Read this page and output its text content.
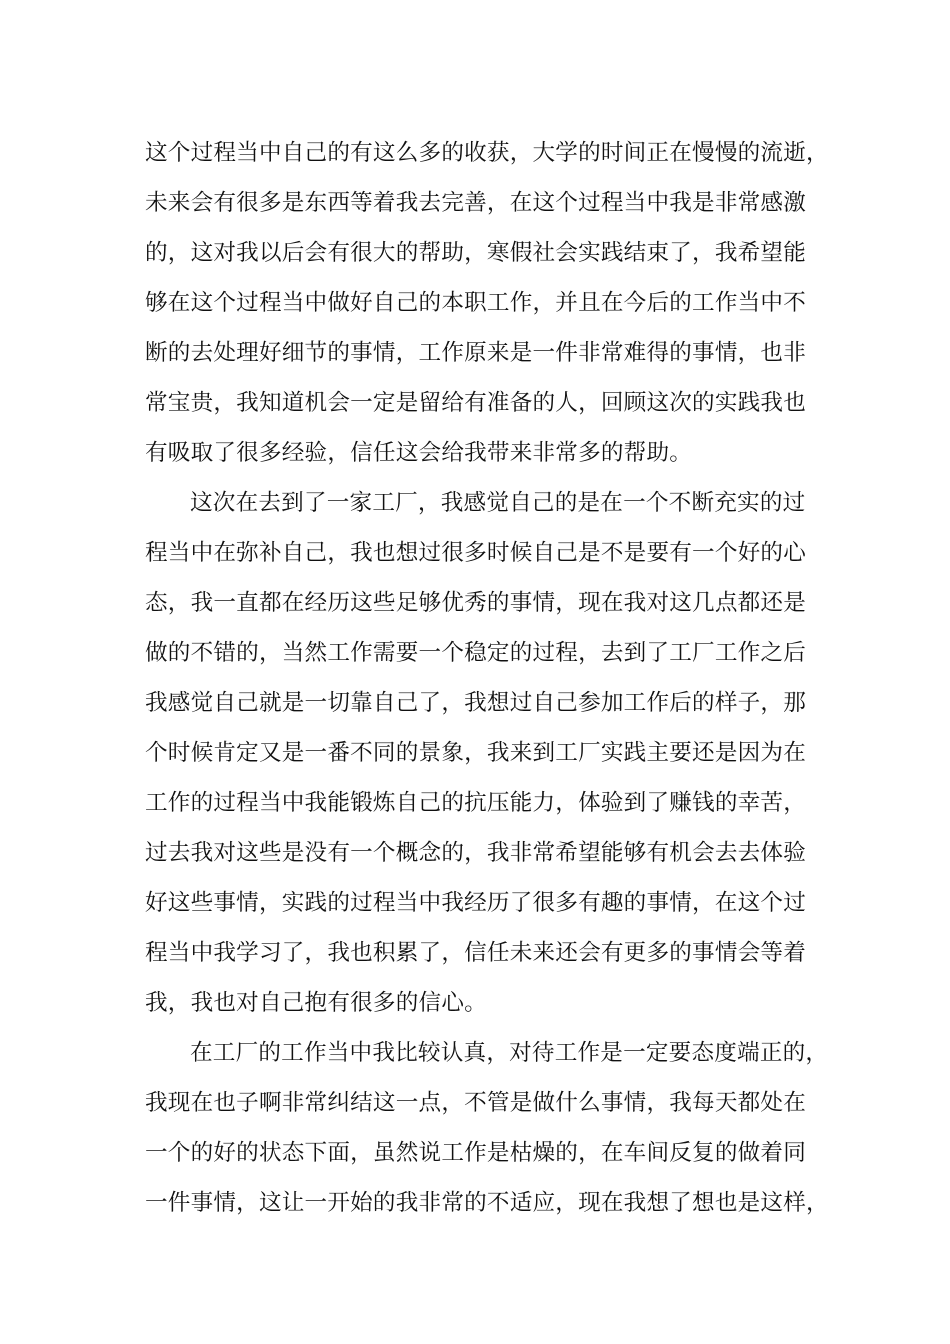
这个过程当中自己的有这么多的收获，大学的时间正在慢慢的流逝，
未来会有很多是东西等着我去完善，在这个过程当中我是非常感激
的，这对我以后会有很大的帮助，寒假社会实践结束了，我希望能
够在这个过程当中做好自己的本职工作，并且在今后的工作当中不
断的去处理好细节的事情，工作原来是一件非常难得的事情，也非
常宝贵，我知道机会一定是留给有准备的人，回顾这次的实践我也
有吸取了很多经验，信任这会给我带来非常多的帮助。
这次在去到了一家工厂，我感觉自己的是在一个不断充实的过
程当中在弥补自己，我也想过很多时候自己是不是要有一个好的心
态，我一直都在经历这些足够优秀的事情，现在我对这几点都还是
做的不错的，当然工作需要一个稳定的过程，去到了工厂工作之后
我感觉自己就是一切靠自己了，我想过自己参加工作后的样子，那
个时候肯定又是一番不同的景象，我来到工厂实践主要还是因为在
工作的过程当中我能锻炼自己的抗压能力，体验到了赚钱的幸苦，
过去我对这些是没有一个概念的，我非常希望能够有机会去去体验
好这些事情，实践的过程当中我经历了很多有趣的事情，在这个过
程当中我学习了，我也积累了，信任未来还会有更多的事情会等着
我，我也对自己抱有很多的信心。
在工厂的工作当中我比较认真，对待工作是一定要态度端正的，
我现在也子啊非常纠结这一点，不管是做什么事情，我每天都处在
一个的好的状态下面，虽然说工作是枯燥的，在车间反复的做着同
一件事情，这让一开始的我非常的不适应，现在我想了想也是这样，
